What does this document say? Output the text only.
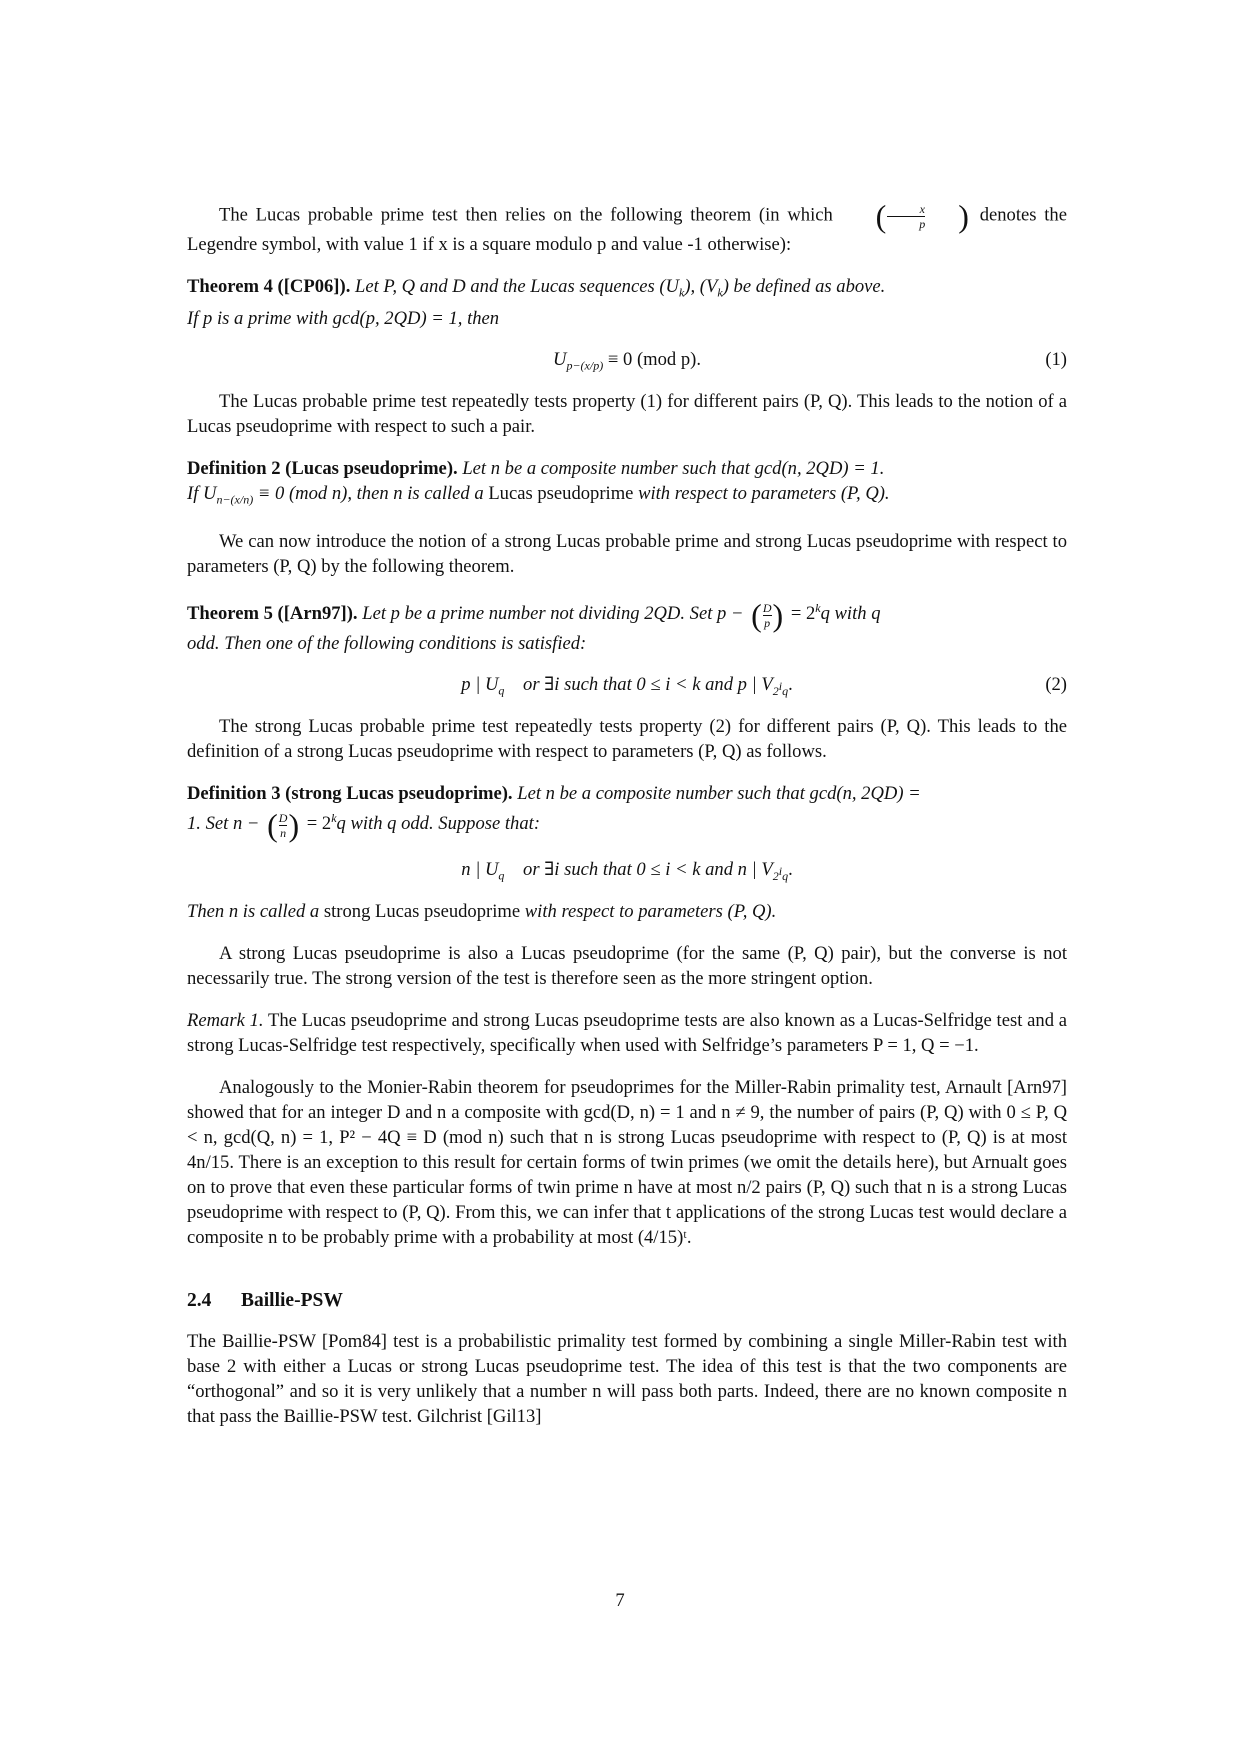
The Lucas probable prime test then relies on the following theorem (in which	( $\frac{x}{p}$	) denotes the Legendre symbol, with value 1 if x is a square modulo p and value -1 otherwise):

Theorem 4 ([CP06]). Let P, Q and D and the Lucas sequences $(U_k)$, $(V_k)$ be defined as above.
If p is a prime with gcd(p, 2QD) = 1, then

$U_{p-(x/p)} \equiv 0$ (mod p).	(1)

The Lucas probable prime test repeatedly tests property (1) for different pairs (P, Q). This leads to the notion of a Lucas pseudoprime with respect to such a pair.

Definition 2 (Lucas pseudoprime). Let n be a composite number such that gcd(n, 2QD) = 1.
If $U_{n-(x/n)} \equiv 0$ (mod n), then n is called a Lucas pseudoprime with respect to parameters (P, Q).

We can now introduce the notion of a strong Lucas probable prime and strong Lucas pseudoprime with respect to parameters (P, Q) by the following theorem.

Theorem 5 ([Arn97]). Let p be a prime number not dividing 2QD. Set p − ( $\frac{D}{p}$ ) = $2^kq$ with q
odd. Then one of the following conditions is satisfied:

p | $U_q$ or ∃i such that 0 ≤ i < k and p | $V_{2^iq}$.	(2)

The strong Lucas probable prime test repeatedly tests property (2) for different pairs (P, Q). This leads to the definition of a strong Lucas pseudoprime with respect to parameters (P, Q) as follows.

Definition 3 (strong Lucas pseudoprime). Let n be a composite number such that gcd(n, 2QD) =
1. Set n − ( $\frac{D}{n}$ ) = $2^kq$ with q odd. Suppose that:

n | $U_q$ or ∃i such that 0 ≤ i < k and n | $V_{2^iq}$.

Then n is called a strong Lucas pseudoprime with respect to parameters (P, Q).

A strong Lucas pseudoprime is also a Lucas pseudoprime (for the same (P, Q) pair), but the converse is not necessarily true. The strong version of the test is therefore seen as the more stringent option.

Remark 1. The Lucas pseudoprime and strong Lucas pseudoprime tests are also known as a Lucas-Selfridge test and a strong Lucas-Selfridge test respectively, specifically when used with Selfridge’s parameters P = 1, Q = −1.

Analogously to the Monier-Rabin theorem for pseudoprimes for the Miller-Rabin primality test, Arnault [Arn97] showed that for an integer D and n a composite with gcd(D, n) = 1 and n ≠ 9, the number of pairs (P, Q) with 0 ≤ P, Q < n, gcd(Q, n) = 1, P² − 4Q ≡ D (mod n) such that n is strong Lucas pseudoprime with respect to (P, Q) is at most 4n/15. There is an exception to this result for certain forms of twin primes (we omit the details here), but Arnualt goes on to prove that even these particular forms of twin prime n have at most n/2 pairs (P, Q) such that n is a strong Lucas pseudoprime with respect to (P, Q). From this, we can infer that t applications of the strong Lucas test would declare a composite n to be probably prime with a probability at most (4/15)ᵗ.

2.4 Baillie-PSW

The Baillie-PSW [Pom84] test is a probabilistic primality test formed by combining a single Miller-Rabin test with base 2 with either a Lucas or strong Lucas pseudoprime test. The idea of this test is that the two components are “orthogonal” and so it is very unlikely that a number n will pass both parts. Indeed, there are no known composite n that pass the Baillie-PSW test. Gilchrist [Gil13]

7
